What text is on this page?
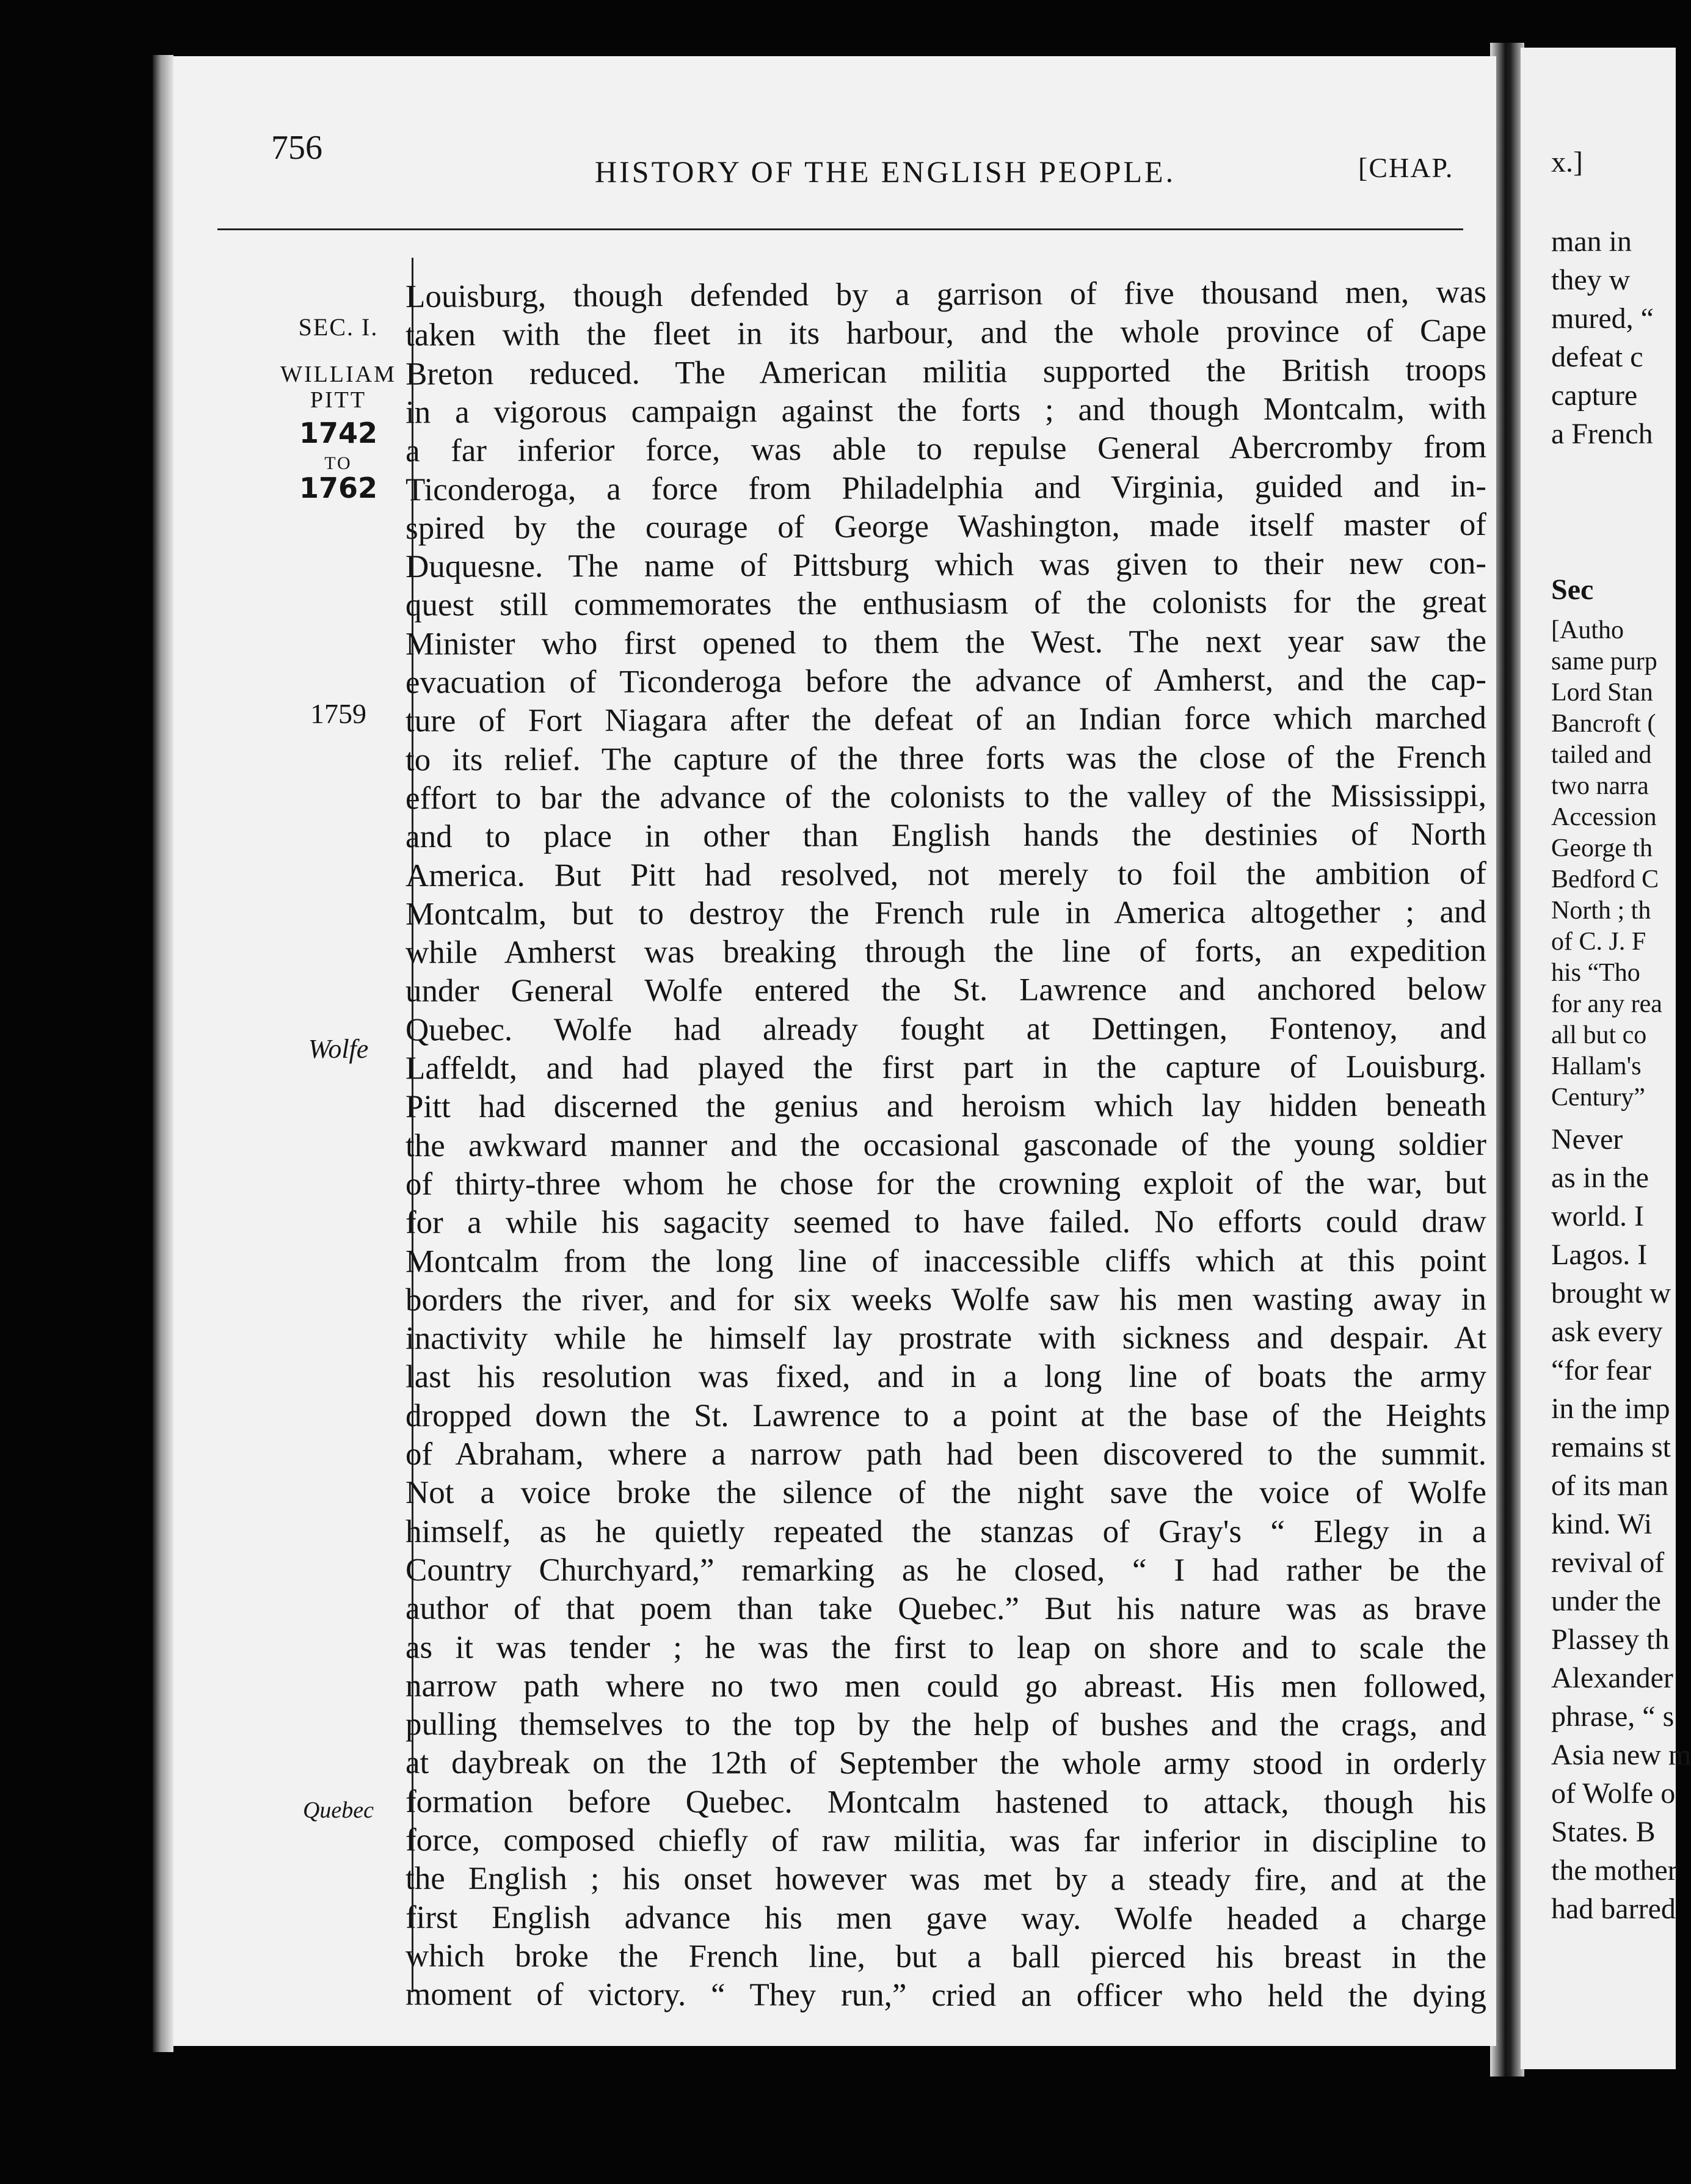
756
HISTORY OF THE ENGLISH PEOPLE.	[CHAP.
SEC. I.
WILLIAM
PITT
1742
TO
1762
1759
Wolfe
Quebec
Louisburg, though defended by a garrison of five thousand men, was
taken with the fleet in its harbour, and the whole province of Cape
Breton reduced. The American militia supported the British troops
in a vigorous campaign against the forts ; and though Montcalm, with
a far inferior force, was able to repulse General Abercromby from
Ticonderoga, a force from Philadelphia and Virginia, guided and in-
spired by the courage of George Washington, made itself master of
Duquesne. The name of Pittsburg which was given to their new con-
quest still commemorates the enthusiasm of the colonists for the great
Minister who first opened to them the West. The next year saw the
evacuation of Ticonderoga before the advance of Amherst, and the cap-
ture of Fort Niagara after the defeat of an Indian force which marched
to its relief. The capture of the three forts was the close of the French
effort to bar the advance of the colonists to the valley of the Mississippi,
and to place in other than English hands the destinies of North
America. But Pitt had resolved, not merely to foil the ambition of
Montcalm, but to destroy the French rule in America altogether ; and
while Amherst was breaking through the line of forts, an expedition
under General Wolfe entered the St. Lawrence and anchored below
Quebec. Wolfe had already fought at Dettingen, Fontenoy, and
Laffeldt, and had played the first part in the capture of Louisburg.
Pitt had discerned the genius and heroism which lay hidden beneath
the awkward manner and the occasional gasconade of the young soldier
of thirty-three whom he chose for the crowning exploit of the war, but
for a while his sagacity seemed to have failed. No efforts could draw
Montcalm from the long line of inaccessible cliffs which at this point
borders the river, and for six weeks Wolfe saw his men wasting away in
inactivity while he himself lay prostrate with sickness and despair. At
last his resolution was fixed, and in a long line of boats the army
dropped down the St. Lawrence to a point at the base of the Heights
of Abraham, where a narrow path had been discovered to the summit.
Not a voice broke the silence of the night save the voice of Wolfe
himself, as he quietly repeated the stanzas of Gray's “ Elegy in a
Country Churchyard,” remarking as he closed, “ I had rather be the
author of that poem than take Quebec.” But his nature was as brave
as it was tender ; he was the first to leap on shore and to scale the
narrow path where no two men could go abreast. His men followed,
pulling themselves to the top by the help of bushes and the crags, and
at daybreak on the 12th of September the whole army stood in orderly
formation before Quebec. Montcalm hastened to attack, though his
force, composed chiefly of raw militia, was far inferior in discipline to
the English ; his onset however was met by a steady fire, and at the
first English advance his men gave way. Wolfe headed a charge
which broke the French line, but a ball pierced his breast in the
moment of victory. “ They run,” cried an officer who held the dying
x.]
man in
they w
mured, “
defeat c
capture
a French
Sec
[Autho
same purp
Lord Stan
Bancroft (
tailed and
two narra
Accession
George th
Bedford C
North ; th
of C. J. F
his “Tho
for any rea
all but co
Hallam's
Century”
Never
as in the
world. I
Lagos. I
brought w
ask every
“for fear
in the imp
remains st
of its man
kind. Wi
revival of
under the
Plassey th
Alexander
phrase, “ s
Asia new m
of Wolfe o
States. B
the mother
had barred
